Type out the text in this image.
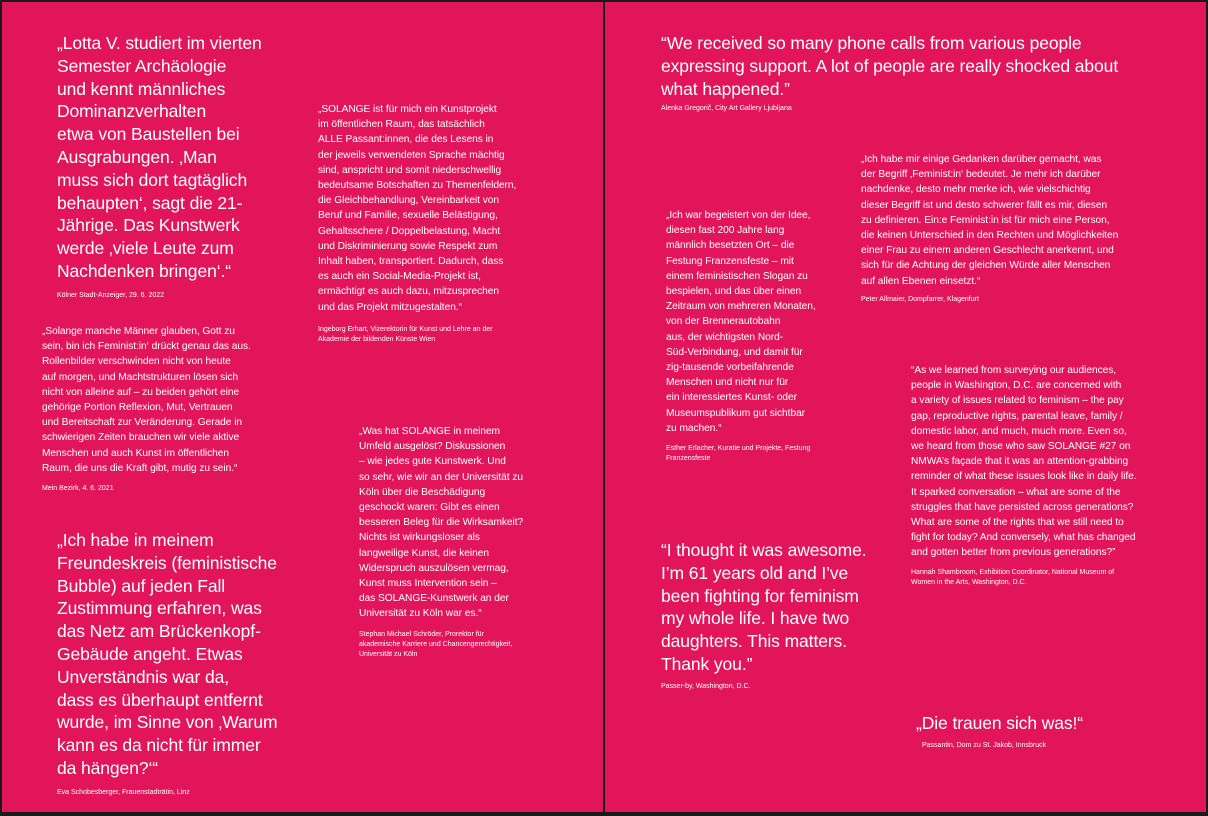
„Lotta V. studiert im vierten
Semester Archäologie
und kennt männliches
Dominanzverhalten
etwa von Baustellen bei
Ausgrabungen. ‚Man
muss sich dort tagtäglich
behaupten‘, sagt die 21-
Jährige. Das Kunstwerk
werde ‚viele Leute zum
Nachdenken bringen‘.“

Kölner Stadt-Anzeiger, 29. 6. 2022

„SOLANGE ist für mich ein Kunstprojekt
im öffentlichen Raum, das tatsächlich
ALLE Passant:innen, die des Lesens in
der jeweils verwendeten Sprache mächtig
sind, anspricht und somit niederschwellig
bedeutsame Botschaften zu Themenfeldern,
die Gleichbehandlung, Vereinbarkeit von
Beruf und Familie, sexuelle Belästigung,
Gehaltsschere / Doppelbelastung, Macht
und Diskriminierung sowie Respekt zum
Inhalt haben, transportiert. Dadurch, dass
es auch ein Social-Media-Projekt ist,
ermächtigt es auch dazu, mitzusprechen
und das Projekt mitzugestalten.“

Ingeborg Erhart, Vizerektorin für Kunst und Lehre an der
Akademie der bildenden Künste Wien

„Solange manche Männer glauben, Gott zu
sein, bin ich Feminist:in‘ drückt genau das aus.
Rollenbilder verschwinden nicht von heute
auf morgen, und Machtstrukturen lösen sich
nicht von alleine auf – zu beiden gehört eine
gehörige Portion Reflexion, Mut, Vertrauen
und Bereitschaft zur Veränderung. Gerade in
schwierigen Zeiten brauchen wir viele aktive
Menschen und auch Kunst im öffentlichen
Raum, die uns die Kraft gibt, mutig zu sein.“

Mein Bezirk, 4. 6. 2021

„Was hat SOLANGE in meinem
Umfeld ausgelöst? Diskussionen
– wie jedes gute Kunstwerk. Und
so sehr, wie wir an der Universität zu
Köln über die Beschädigung
geschockt waren: Gibt es einen
besseren Beleg für die Wirksamkeit?
Nichts ist wirkungsloser als
langweilige Kunst, die keinen
Widerspruch auszulösen vermag,
Kunst muss Intervention sein –
das SOLANGE-Kunstwerk an der
Universität zu Köln war es.“

Stephan Michael Schröder, Prorektor für
akademische Karriere und Chancengerechtigkeit,
Universität zu Köln

„Ich habe in meinem
Freundeskreis (feministische
Bubble) auf jeden Fall
Zustimmung erfahren, was
das Netz am Brückenkopf-
Gebäude angeht. Etwas
Unverständnis war da,
dass es überhaupt entfernt
wurde, im Sinne von ‚Warum
kann es da nicht für immer
da hängen?‘“

Eva Schobesberger, Frauenstadträtin, Linz

“We received so many phone calls from various people
expressing support. A lot of people are really shocked about
what happened.”

Alenka Gregorič, City Art Gallery Ljubljana

„Ich habe mir einige Gedanken darüber gemacht, was
der Begriff ‚Feminist:in‘ bedeutet. Je mehr ich darüber
nachdenke, desto mehr merke ich, wie vielschichtig
dieser Begriff ist und desto schwerer fällt es mir, diesen
zu definieren. Ein:e Feminist:in ist für mich eine Person,
die keinen Unterschied in den Rechten und Möglichkeiten
einer Frau zu einem anderen Geschlecht anerkennt, und
sich für die Achtung der gleichen Würde aller Menschen
auf allen Ebenen einsetzt.“

Peter Allmaier, Dompfarrer, Klagenfurt

„Ich war begeistert von der Idee,
diesen fast 200 Jahre lang
männlich besetzten Ort – die
Festung Franzensfeste – mit
einem feministischen Slogan zu
bespielen, und das über einen
Zeitraum von mehreren Monaten,
von der Brennerautobahn
aus, der wichtigsten Nord-
Süd-Verbindung, und damit für
zig-tausende vorbeifahrende
Menschen und nicht nur für
ein interessiertes Kunst- oder
Museumspublikum gut sichtbar
zu machen.“

Esther Erlacher, Kuratie und Projekte, Festung
Franzensfeste

“As we learned from surveying our audiences,
people in Washington, D.C. are concerned with
a variety of issues related to feminism – the pay
gap, reproductive rights, parental leave, family /
domestic labor, and much, much more. Even so,
we heard from those who saw SOLANGE #27 on
NMWA’s façade that it was an attention-grabbing
reminder of what these issues look like in daily life.
It sparked conversation – what are some of the
struggles that have persisted across generations?
What are some of the rights that we still need to
fight for today? And conversely, what has changed
and gotten better from previous generations?”

Hannah Shambroom, Exhibition Coordinator, National Museum of
Women in the Arts, Washington, D.C.

“I thought it was awesome.
I’m 61 years old and I’ve
been fighting for feminism
my whole life. I have two
daughters. This matters.
Thank you.”

Passer-by, Washington, D.C.

„Die trauen sich was!“

Passantin, Dom zu St. Jakob, Innsbruck
